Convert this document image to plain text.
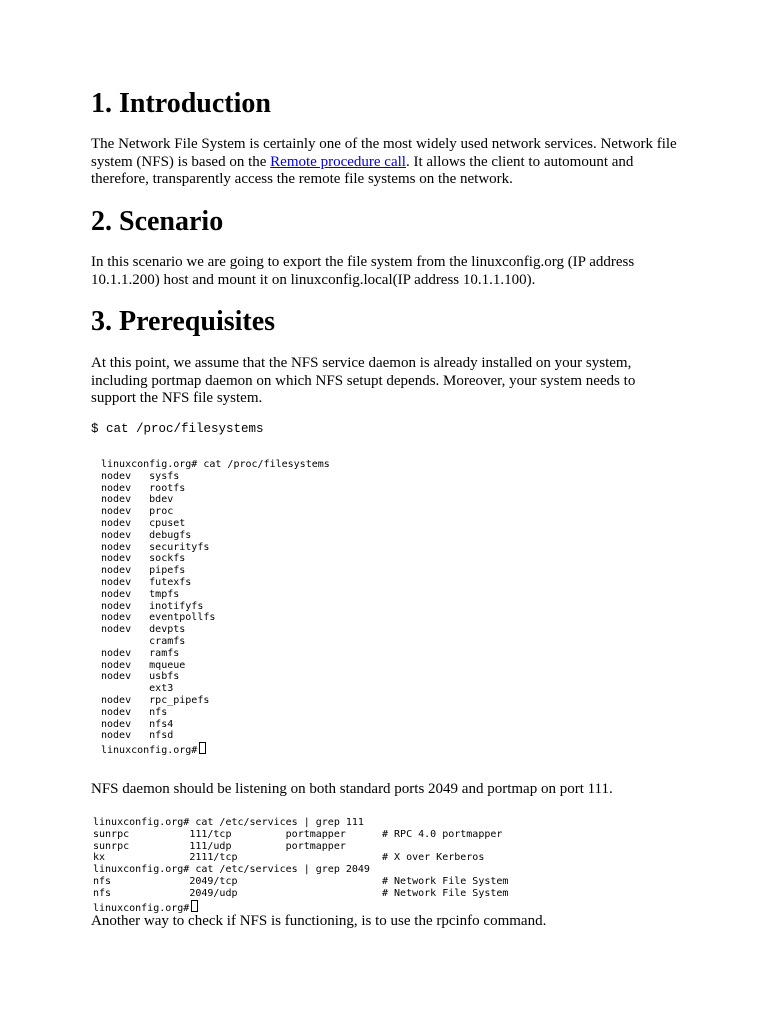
1. Introduction

The Network File System is certainly one of the most widely used network services. Network file system (NFS) is based on the Remote procedure call. It allows the client to automount and therefore, transparently access the remote file systems on the network.

2. Scenario

In this scenario we are going to export the file system from the linuxconfig.org (IP address 10.1.1.200) host and mount it on linuxconfig.local(IP address 10.1.1.100).

3. Prerequisites

At this point, we assume that the NFS service daemon is already installed on your system, including portmap daemon on which NFS setupt depends. Moreover, your system needs to support the NFS file system.

$ cat /proc/filesystems
linuxconfig.org# cat /proc/filesystems
nodev   sysfs
nodev   rootfs
nodev   bdev
nodev   proc
nodev   cpuset
nodev   debugfs
nodev   securityfs
nodev   sockfs
nodev   pipefs
nodev   futexfs
nodev   tmpfs
nodev   inotifyfs
nodev   eventpollfs
nodev   devpts
cramfs
nodev   ramfs
nodev   mqueue
nodev   usbfs
ext3
nodev   rpc_pipefs
nodev   nfs
nodev   nfs4
nodev   nfsd
linuxconfig.org#

NFS daemon should be listening on both standard ports 2049 and portmap on port 111.

linuxconfig.org# cat /etc/services | grep 111
sunrpc          111/tcp         portmapper      # RPC 4.0 portmapper
sunrpc          111/udp         portmapper
kx              2111/tcp                        # X over Kerberos
linuxconfig.org# cat /etc/services | grep 2049
nfs             2049/tcp                        # Network File System
nfs             2049/udp                        # Network File System
linuxconfig.org#

Another way to check if NFS is functioning, is to use the rpcinfo command.
